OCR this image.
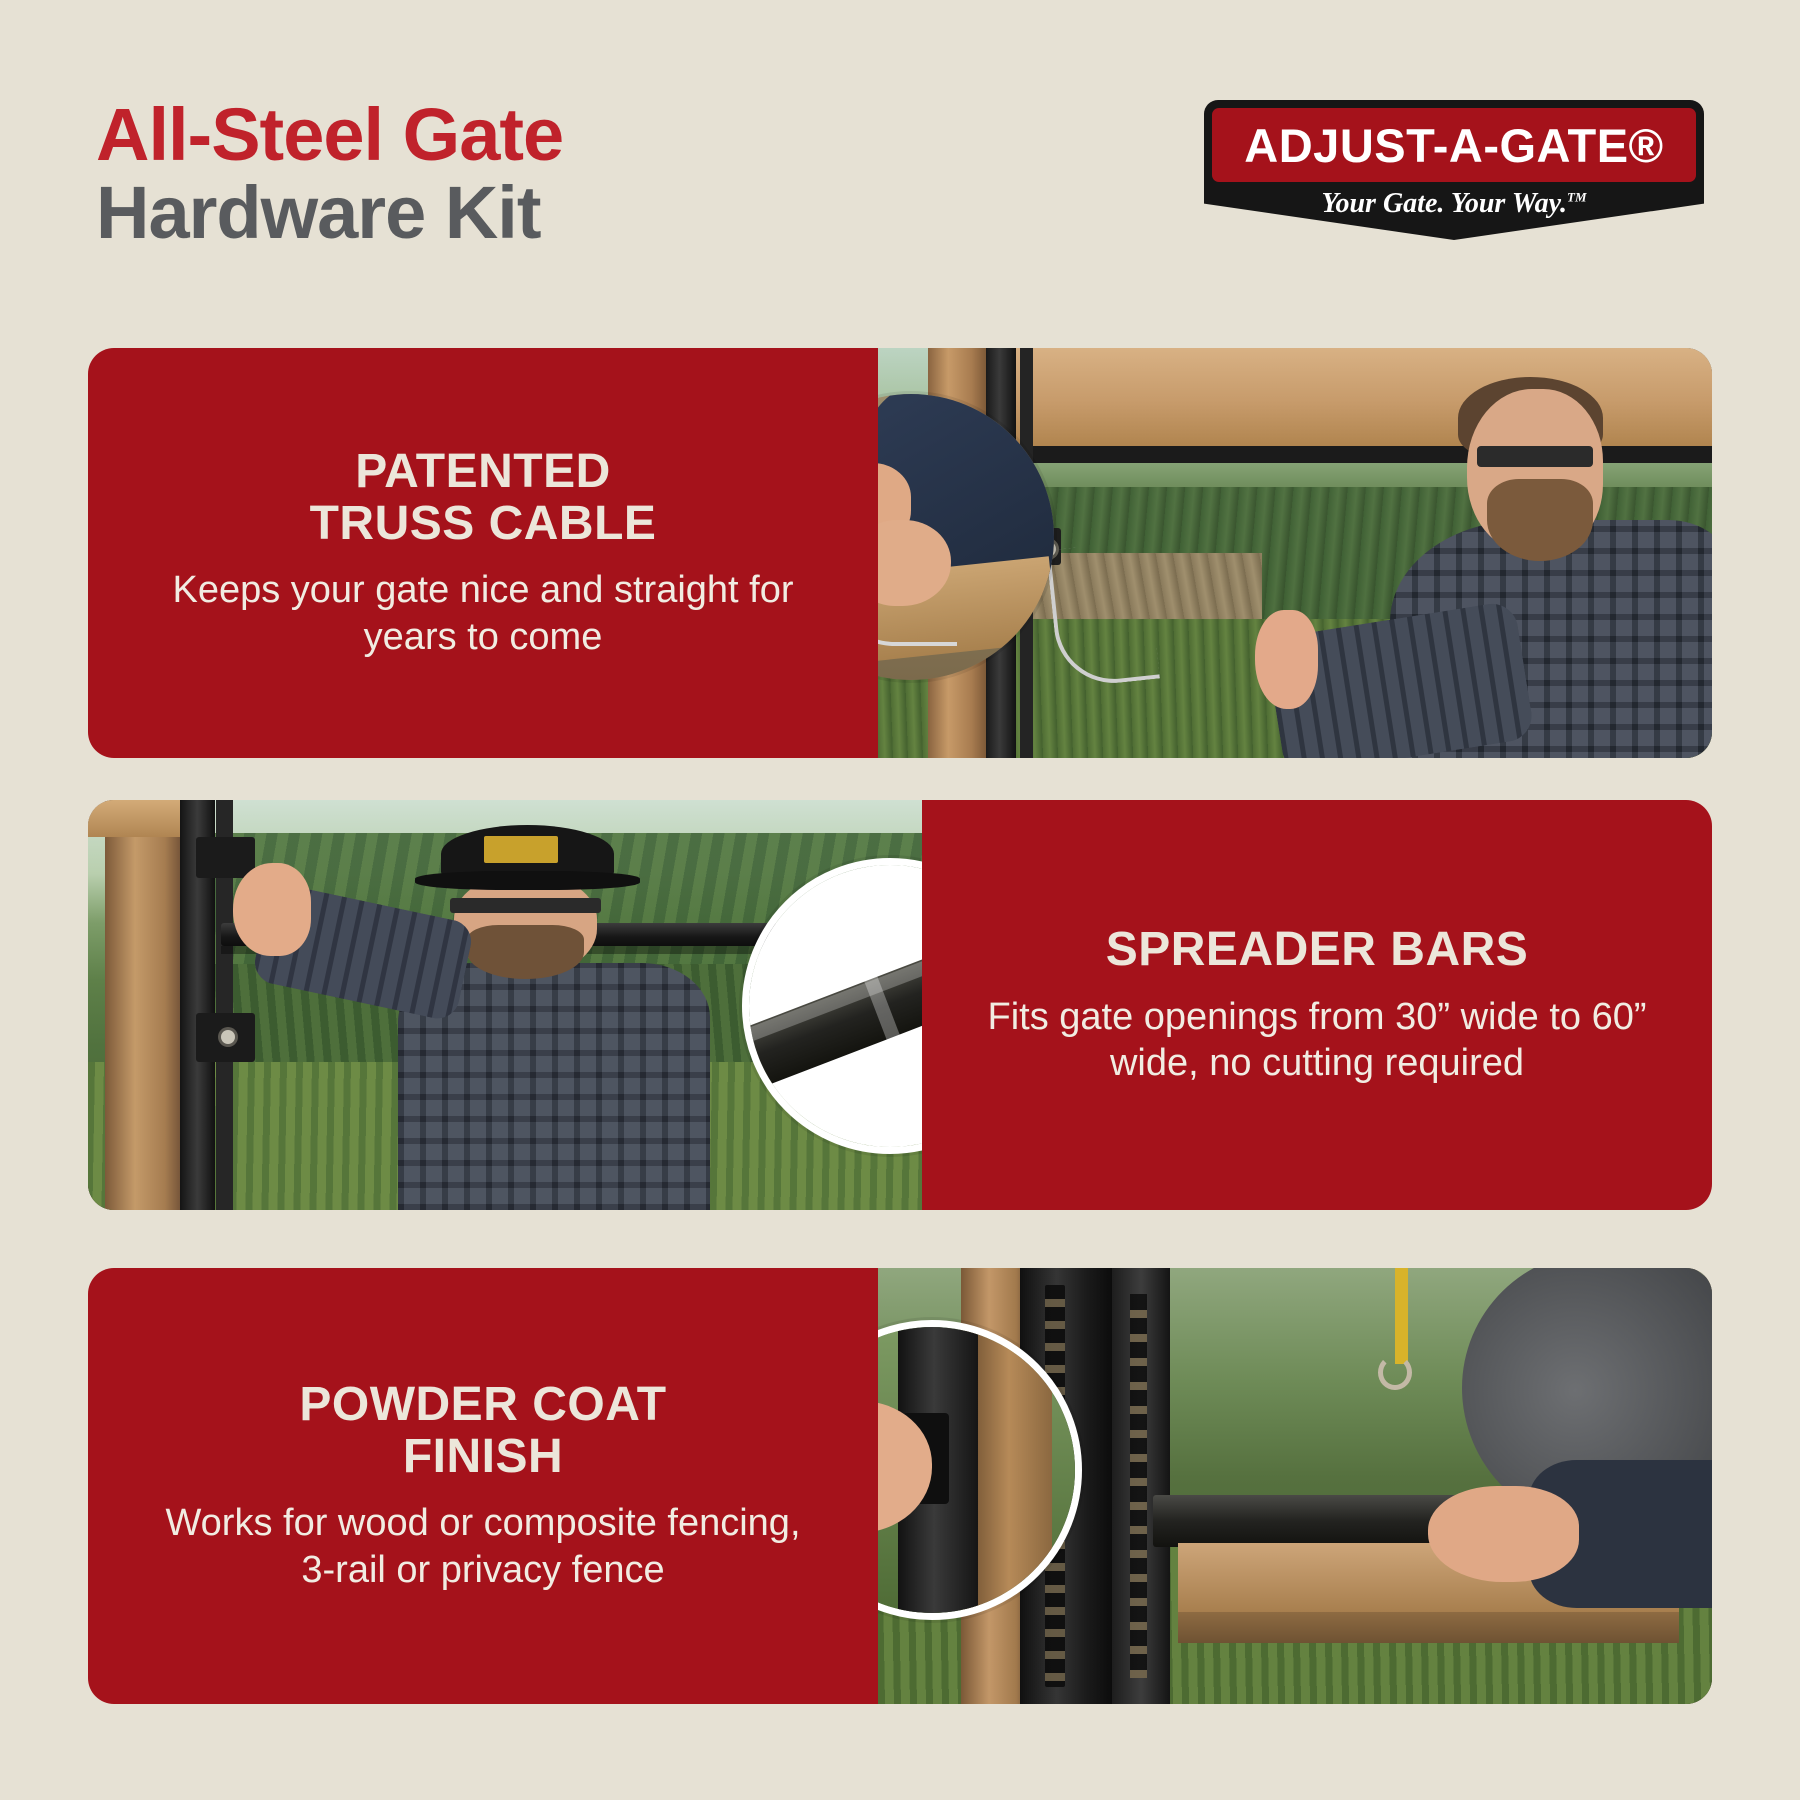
All-Steel Gate
Hardware Kit
ADJUST-A-GATE ®
Your Gate. Your Way.™
PATENTED
TRUSS CABLE
Keeps your gate nice and straight for years to come
SPREADER BARS
Fits gate openings from 30” wide to 60” wide, no cutting required
POWDER COAT
FINISH
Works for wood or composite fencing, 3-rail or privacy fence
